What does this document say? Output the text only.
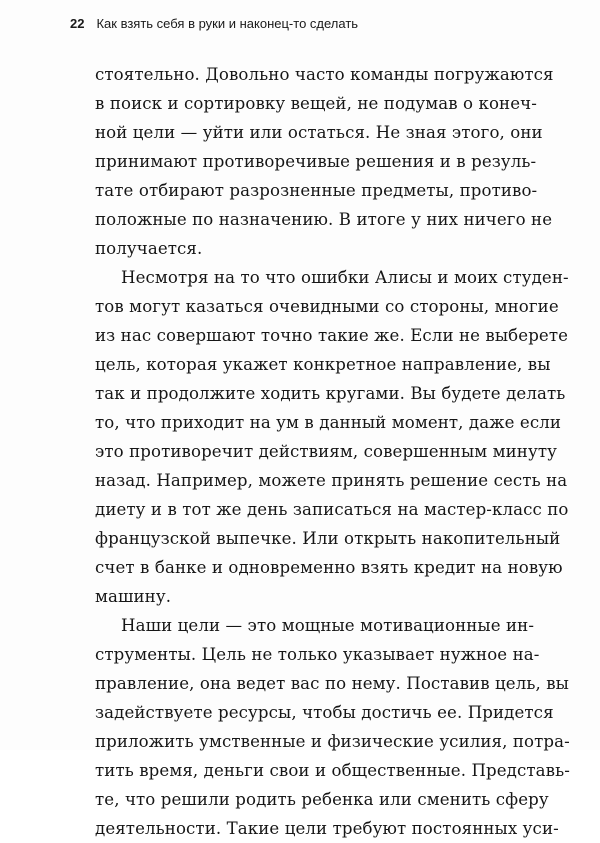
22 Как взять себя в руки и наконец-то сделать
стоятельно. Довольно часто команды погружаются
в поиск и сортировку вещей, не подумав о конеч-
ной цели — уйти или остаться. Не зная этого, они
принимают противоречивые решения и в резуль-
тате отбирают разрозненные предметы, противо-
положные по назначению. В итоге у них ничего не
получается.
Несмотря на то что ошибки Алисы и моих студен-
тов могут казаться очевидными со стороны, многие
из нас совершают точно такие же. Если не выберете
цель, которая укажет конкретное направление, вы
так и продолжите ходить кругами. Вы будете делать
то, что приходит на ум в данный момент, даже если
это противоречит действиям, совершенным минуту
назад. Например, можете принять решение сесть на
диету и в тот же день записаться на мастер-класс по
французской выпечке. Или открыть накопительный
счет в банке и одновременно взять кредит на новую
машину.
Наши цели — это мощные мотивационные ин-
струменты. Цель не только указывает нужное на-
правление, она ведет вас по нему. Поставив цель, вы
задействуете ресурсы, чтобы достичь ее. Придется
приложить умственные и физические усилия, потра-
тить время, деньги свои и общественные. Представь-
те, что решили родить ребенка или сменить сферу
деятельности. Такие цели требуют постоянных уси-
